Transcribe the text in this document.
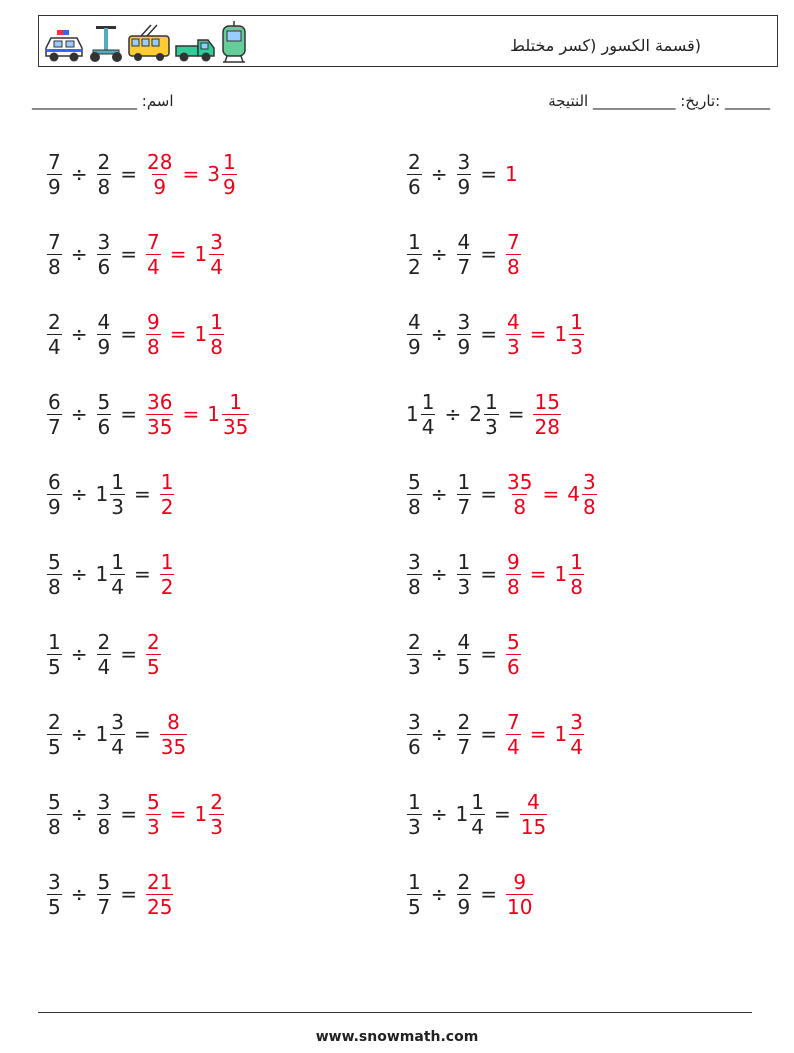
(قسمة الكسور (كسر مختلط
اسم: ______________	______ :تاريخ: ___________ النتيجة
$\frac{7}{9} \div \frac{2}{8} = \frac{28}{9} = 3 \frac{1}{9}$	$\frac{2}{6} \div \frac{3}{9} = 1$
$\frac{7}{8} \div \frac{3}{6} = \frac{7}{4} = 1 \frac{3}{4}$	$\frac{1}{2} \div \frac{4}{7} = \frac{7}{8}$
$\frac{2}{4} \div \frac{4}{9} = \frac{9}{8} = 1 \frac{1}{8}$	$\frac{4}{9} \div \frac{3}{9} = \frac{4}{3} = 1 \frac{1}{3}$
$\frac{6}{7} \div \frac{5}{6} = \frac{36}{35} = 1 \frac{1}{35}$	$1 \frac{1}{4} \div 2 \frac{1}{3} = \frac{15}{28}$
$\frac{6}{9} \div 1 \frac{1}{3} = \frac{1}{2}$	$\frac{5}{8} \div \frac{1}{7} = \frac{35}{8} = 4 \frac{3}{8}$
$\frac{5}{8} \div 1 \frac{1}{4} = \frac{1}{2}$	$\frac{3}{8} \div \frac{1}{3} = \frac{9}{8} = 1 \frac{1}{8}$
$\frac{1}{5} \div \frac{2}{4} = \frac{2}{5}$	$\frac{2}{3} \div \frac{4}{5} = \frac{5}{6}$
$\frac{2}{5} \div 1 \frac{3}{4} = \frac{8}{35}$	$\frac{3}{6} \div \frac{2}{7} = \frac{7}{4} = 1 \frac{3}{4}$
$\frac{5}{8} \div \frac{3}{8} = \frac{5}{3} = 1 \frac{2}{3}$	$\frac{1}{3} \div 1 \frac{1}{4} = \frac{4}{15}$
$\frac{3}{5} \div \frac{5}{7} = \frac{21}{25}$	$\frac{1}{5} \div \frac{2}{9} = \frac{9}{10}$
www.snowmath.com
